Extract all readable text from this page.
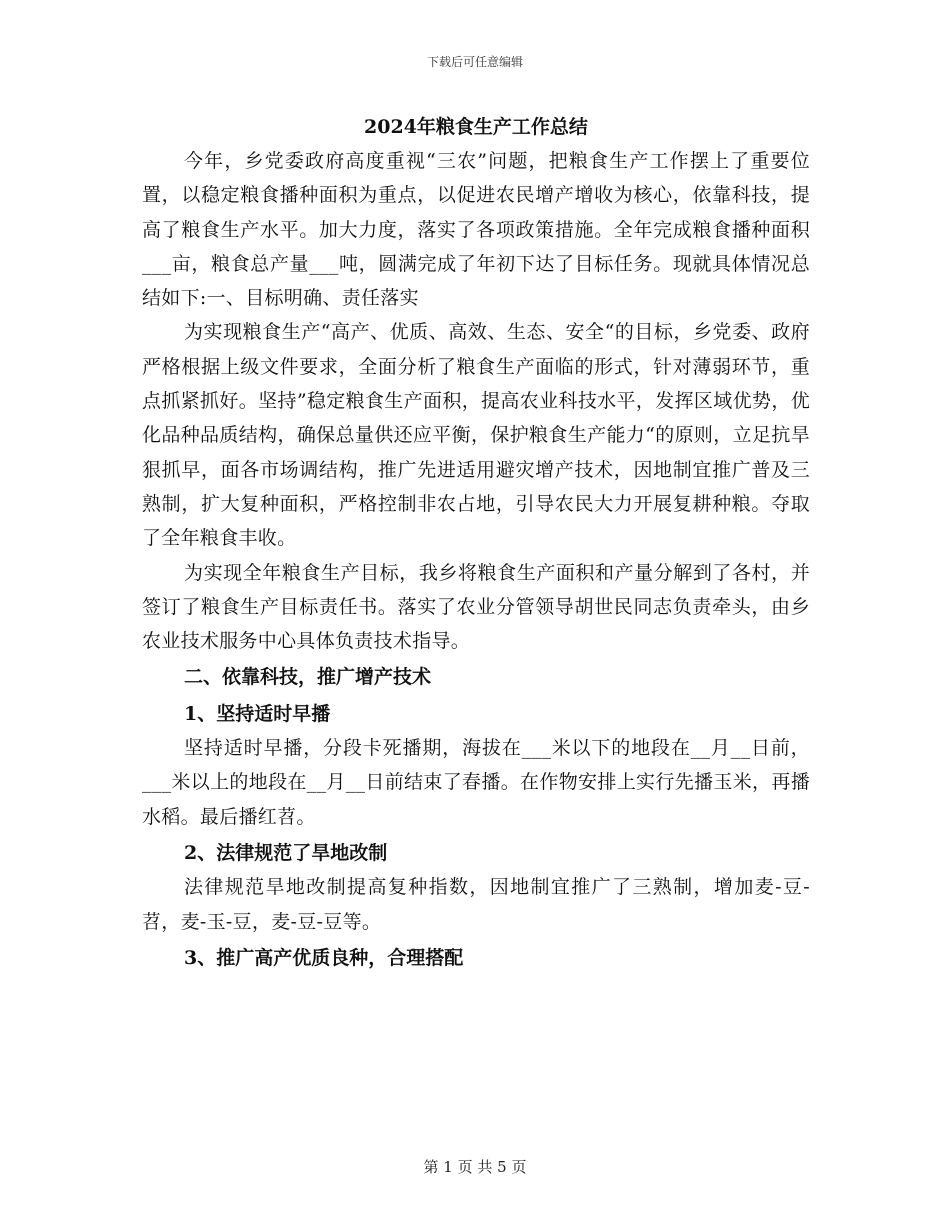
下载后可任意编辑
2024年粮食生产工作总结

今年，乡党委政府高度重视“三农”问题，把粮食生产工作摆上了重要位置，以稳定粮食播种面积为重点，以促进农民增产增收为核心，依靠科技，提高了粮食生产水平。加大力度，落实了各项政策措施。全年完成粮食播种面积___亩，粮食总产量___吨，圆满完成了年初下达了目标任务。现就具体情况总结如下:一、目标明确、责任落实

为实现粮食生产“高产、优质、高效、生态、安全“的目标，乡党委、政府严格根据上级文件要求，全面分析了粮食生产面临的形式，针对薄弱环节，重点抓紧抓好。坚持”稳定粮食生产面积，提高农业科技水平，发挥区域优势，优化品种品质结构，确保总量供还应平衡，保护粮食生产能力“的原则，立足抗旱狠抓早，面各市场调结构，推广先进适用避灾增产技术，因地制宜推广普及三熟制，扩大复种面积，严格控制非农占地，引导农民大力开展复耕种粮。夺取了全年粮食丰收。

为实现全年粮食生产目标，我乡将粮食生产面积和产量分解到了各村，并签订了粮食生产目标责任书。落实了农业分管领导胡世民同志负责牵头，由乡农业技术服务中心具体负责技术指导。

二、依靠科技，推广增产技术
1、坚持适时早播

坚持适时早播，分段卡死播期，海拔在___米以下的地段在__月__日前，___米以上的地段在__月__日前结束了春播。在作物安排上实行先播玉米，再播水稻。最后播红苕。

2、法律规范了旱地改制

法律规范旱地改制提高复种指数，因地制宜推广了三熟制，增加麦-豆-苕，麦-玉-豆，麦-豆-豆等。

3、推广高产优质良种，合理搭配
第 1 页 共 5 页
